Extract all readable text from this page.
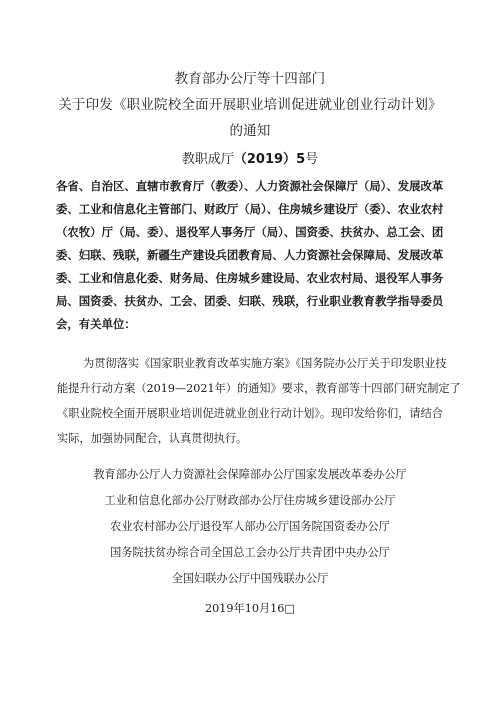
教育部办公厅等十四部门
关于印发《职业院校全面开展职业培训促进就业创业行动计划》
的通知
教职成厅（2019）5号
各省、自治区、直辖市教育厅（教委）、人力资源社会保障厅（局）、发展改革
委、工业和信息化主管部门、财政厅（局）、住房城乡建设厅（委）、农业农村
（农牧）厅（局、委）、退役军人事务厅（局）、国资委、扶贫办、总工会、团
委、妇联、残联，新疆生产建设兵团教育局、人力资源社会保障局、发展改革
委、工业和信息化委、财务局、住房城乡建设局、农业农村局、退役军人事务
局、国资委、扶贫办、工会、团委、妇联、残联，行业职业教育教学指导委员
会，有关单位：
为贯彻落实《国家职业教育改革实施方案》《国务院办公厅关于印发职业技
能提升行动方案（2019—2021年）的通知》要求，教育部等十四部门研究制定了
《职业院校全面开展职业培训促进就业创业行动计划》。现印发给你们，请结合
实际，加强协同配合，认真贯彻执行。
教育部办公厅人力资源社会保障部办公厅国家发展改革委办公厅
工业和信息化部办公厅财政部办公厅住房城乡建设部办公厅
农业农村部办公厅退役军人部办公厅国务院国资委办公厅
国务院扶贫办综合司全国总工会办公厅共青团中央办公厅
全国妇联办公厅中国残联办公厅
2019年10月16□
